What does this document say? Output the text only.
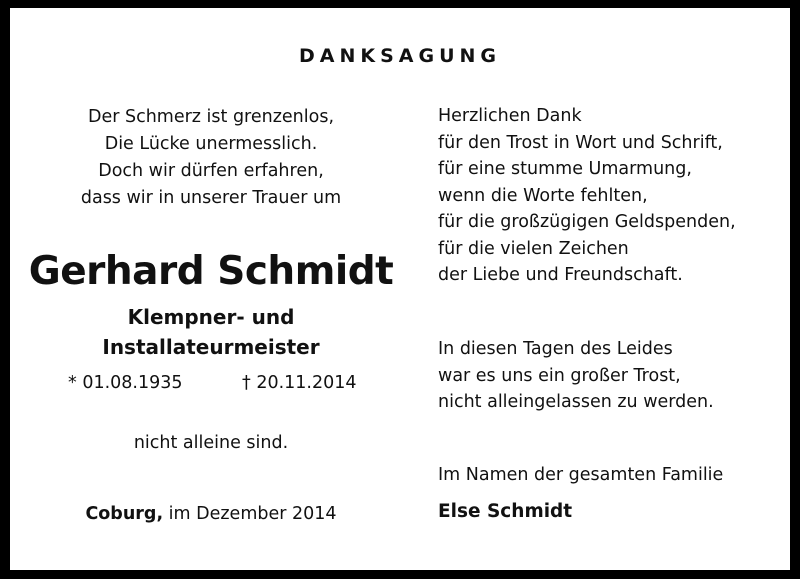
DANKSAGUNG
Der Schmerz ist grenzenlos,
Die Lücke unermesslich.
Doch wir dürfen erfahren,
dass wir in unserer Trauer um
Gerhard Schmidt
Klempner- und
Installateurmeister
* 01.08.1935	† 20.11.2014
nicht alleine sind.
Coburg, im Dezember 2014
Herzlichen Dank
für den Trost in Wort und Schrift,
für eine stumme Umarmung,
wenn die Worte fehlten,
für die großzügigen Geldspenden,
für die vielen Zeichen
der Liebe und Freundschaft.
In diesen Tagen des Leides
war es uns ein großer Trost,
nicht alleingelassen zu werden.
Im Namen der gesamten Familie
Else Schmidt
